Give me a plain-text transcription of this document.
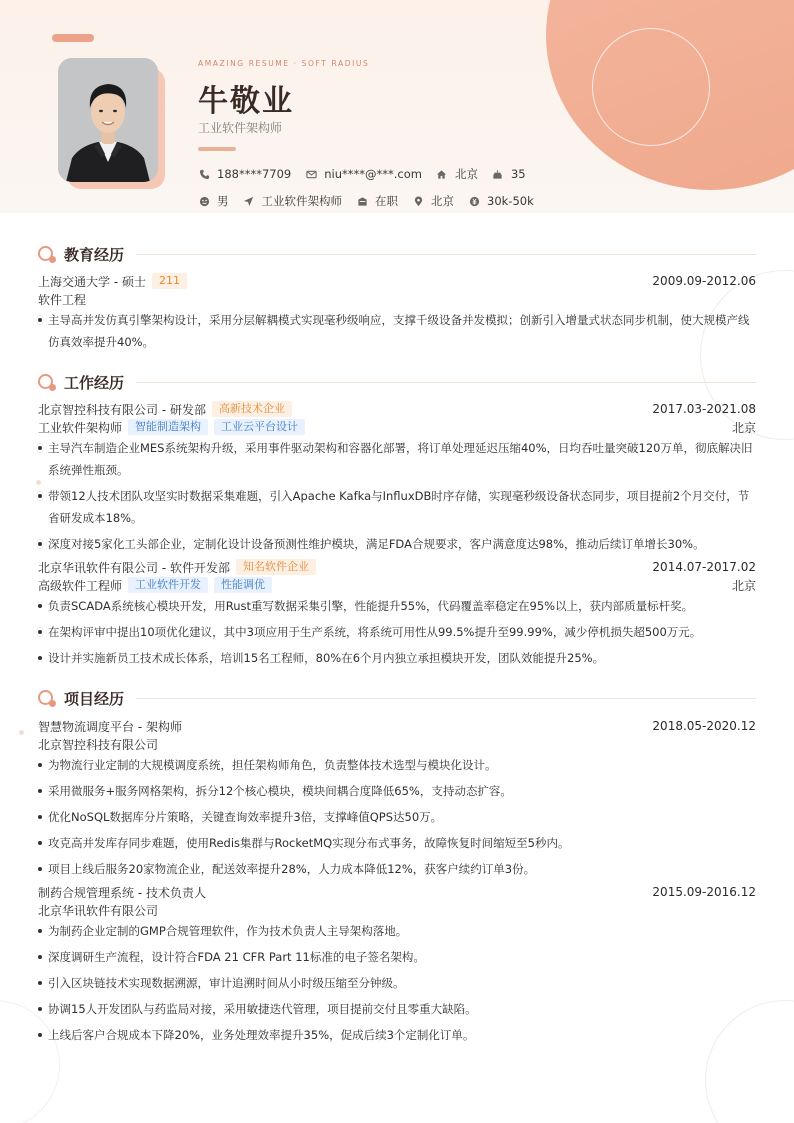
AMAZING RESUME · SOFT RADIUS
牛敬业
工业软件架构师
188****7709	niu****@***.com	北京	35
男	工业软件架构师	在职	北京	30k-50k
教育经历
上海交通大学 - 硕士	211	2009.09-2012.06
软件工程
主导高并发仿真引擎架构设计，采用分层解耦模式实现毫秒级响应，支撑千级设备并发模拟；创新引入增量式状态同步机制，使大规模产线仿真效率提升40%。
工作经历
北京智控科技有限公司 - 研发部	高新技术企业	2017.03-2021.08
工业软件架构师	智能制造架构	工业云平台设计	北京
主导汽车制造企业MES系统架构升级，采用事件驱动架构和容器化部署，将订单处理延迟压缩40%，日均吞吐量突破120万单，彻底解决旧系统弹性瓶颈。
带领12人技术团队攻坚实时数据采集难题，引入Apache Kafka与InfluxDB时序存储，实现毫秒级设备状态同步，项目提前2个月交付，节省研发成本18%。
深度对接5家化工头部企业，定制化设计设备预测性维护模块，满足FDA合规要求，客户满意度达98%，推动后续订单增长30%。
北京华讯软件有限公司 - 软件开发部	知名软件企业	2014.07-2017.02
高级软件工程师	工业软件开发	性能调优	北京
负责SCADA系统核心模块开发，用Rust重写数据采集引擎，性能提升55%，代码覆盖率稳定在95%以上，获内部质量标杆奖。
在架构评审中提出10项优化建议，其中3项应用于生产系统，将系统可用性从99.5%提升至99.99%，减少停机损失超500万元。
设计并实施新员工技术成长体系，培训15名工程师，80%在6个月内独立承担模块开发，团队效能提升25%。
项目经历
智慧物流调度平台 - 架构师	2018.05-2020.12
北京智控科技有限公司
为物流行业定制的大规模调度系统，担任架构师角色，负责整体技术选型与模块化设计。
采用微服务+服务网格架构，拆分12个核心模块，模块间耦合度降低65%，支持动态扩容。
优化NoSQL数据库分片策略，关键查询效率提升3倍，支撑峰值QPS达50万。
攻克高并发库存同步难题，使用Redis集群与RocketMQ实现分布式事务，故障恢复时间缩短至5秒内。
项目上线后服务20家物流企业，配送效率提升28%，人力成本降低12%，获客户续约订单3份。
制药合规管理系统 - 技术负责人	2015.09-2016.12
北京华讯软件有限公司
为制药企业定制的GMP合规管理软件，作为技术负责人主导架构落地。
深度调研生产流程，设计符合FDA 21 CFR Part 11标准的电子签名架构。
引入区块链技术实现数据溯源，审计追溯时间从小时级压缩至分钟级。
协调15人开发团队与药监局对接，采用敏捷迭代管理，项目提前交付且零重大缺陷。
上线后客户合规成本下降20%，业务处理效率提升35%，促成后续3个定制化订单。
